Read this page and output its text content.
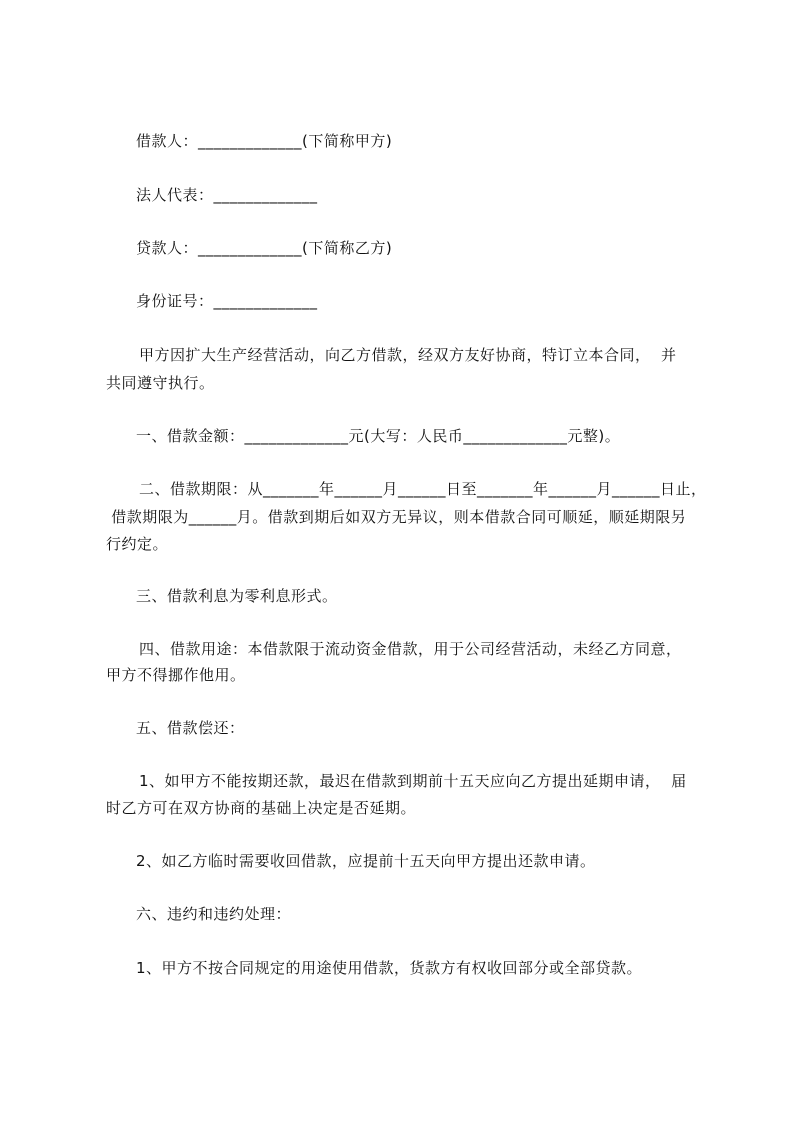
借款人：_____________(下简称甲方)

法人代表：_____________

贷款人：_____________(下简称乙方)

身份证号：_____________

甲方因扩大生产经营活动，向乙方借款，经双方友好协商，特订立本合同，  并

共同遵守执行。

一、借款金额：_____________元(大写：人民币_____________元整)。

二、借款期限：从_______年______月______日至_______年______月______日止，

借款期限为______月。借款到期后如双方无异议，则本借款合同可顺延，顺延期限另

行约定。

三、借款利息为零利息形式。

四、借款用途：本借款限于流动资金借款，用于公司经营活动，未经乙方同意，

甲方不得挪作他用。

五、借款偿还：

1、如甲方不能按期还款，最迟在借款到期前十五天应向乙方提出延期申请，  届

时乙方可在双方协商的基础上决定是否延期。

2、如乙方临时需要收回借款，应提前十五天向甲方提出还款申请。

六、违约和违约处理：

1、甲方不按合同规定的用途使用借款，货款方有权收回部分或全部贷款。
